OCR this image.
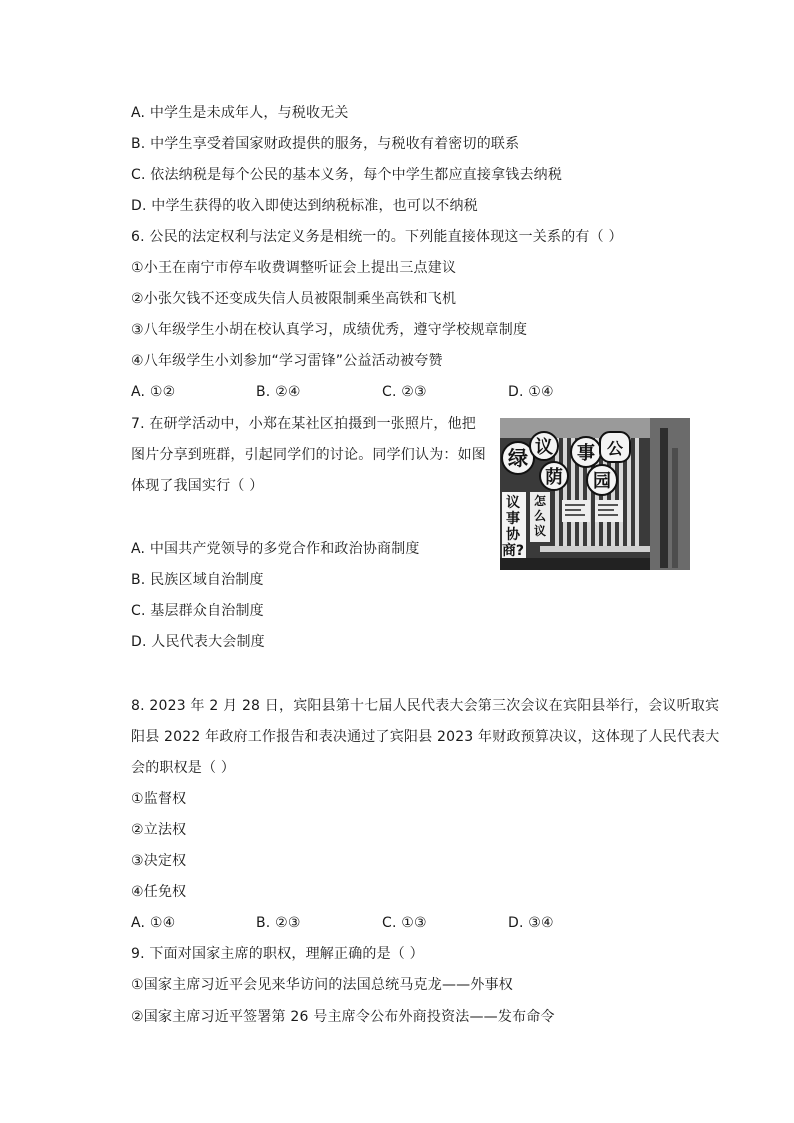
A. 中学生是未成年人，与税收无关
B. 中学生享受着国家财政提供的服务，与税收有着密切的联系
C. 依法纳税是每个公民的基本义务，每个中学生都应直接拿钱去纳税
D. 中学生获得的收入即使达到纳税标准，也可以不纳税
6. 公民的法定权利与法定义务是相统一的。下列能直接体现这一关系的有（ ）
①小王在南宁市停车收费调整听证会上提出三点建议
②小张欠钱不还变成失信人员被限制乘坐高铁和飞机
③八年级学生小胡在校认真学习，成绩优秀，遵守学校规章制度
④八年级学生小刘参加“学习雷锋”公益活动被夸赞
A. ①②	B. ②④	C. ②③	D. ①④
7. 在研学活动中，小郑在某社区拍摄到一张照片，他把
图片分享到班群，引起同学们的讨论。同学们认为：如图
体现了我国实行（ ）
A. 中国共产党领导的多党合作和政治协商制度
B. 民族区域自治制度
C. 基层群众自治制度
D. 人民代表大会制度
绿 议
荫
事 公
园
议
事
协
商?
怎
么
议
8. 2023 年 2 月 28 日，宾阳县第十七届人民代表大会第三次会议在宾阳县举行，会议听取宾
阳县 2022 年政府工作报告和表决通过了宾阳县 2023 年财政预算决议，这体现了人民代表大
会的职权是（ ）
①监督权
②立法权
③决定权
④任免权
A. ①④	B. ②③	C. ①③	D. ③④
9. 下面对国家主席的职权，理解正确的是（ ）
①国家主席习近平会见来华访问的法国总统马克龙——外事权
②国家主席习近平签署第 26 号主席令公布外商投资法——发布命令
